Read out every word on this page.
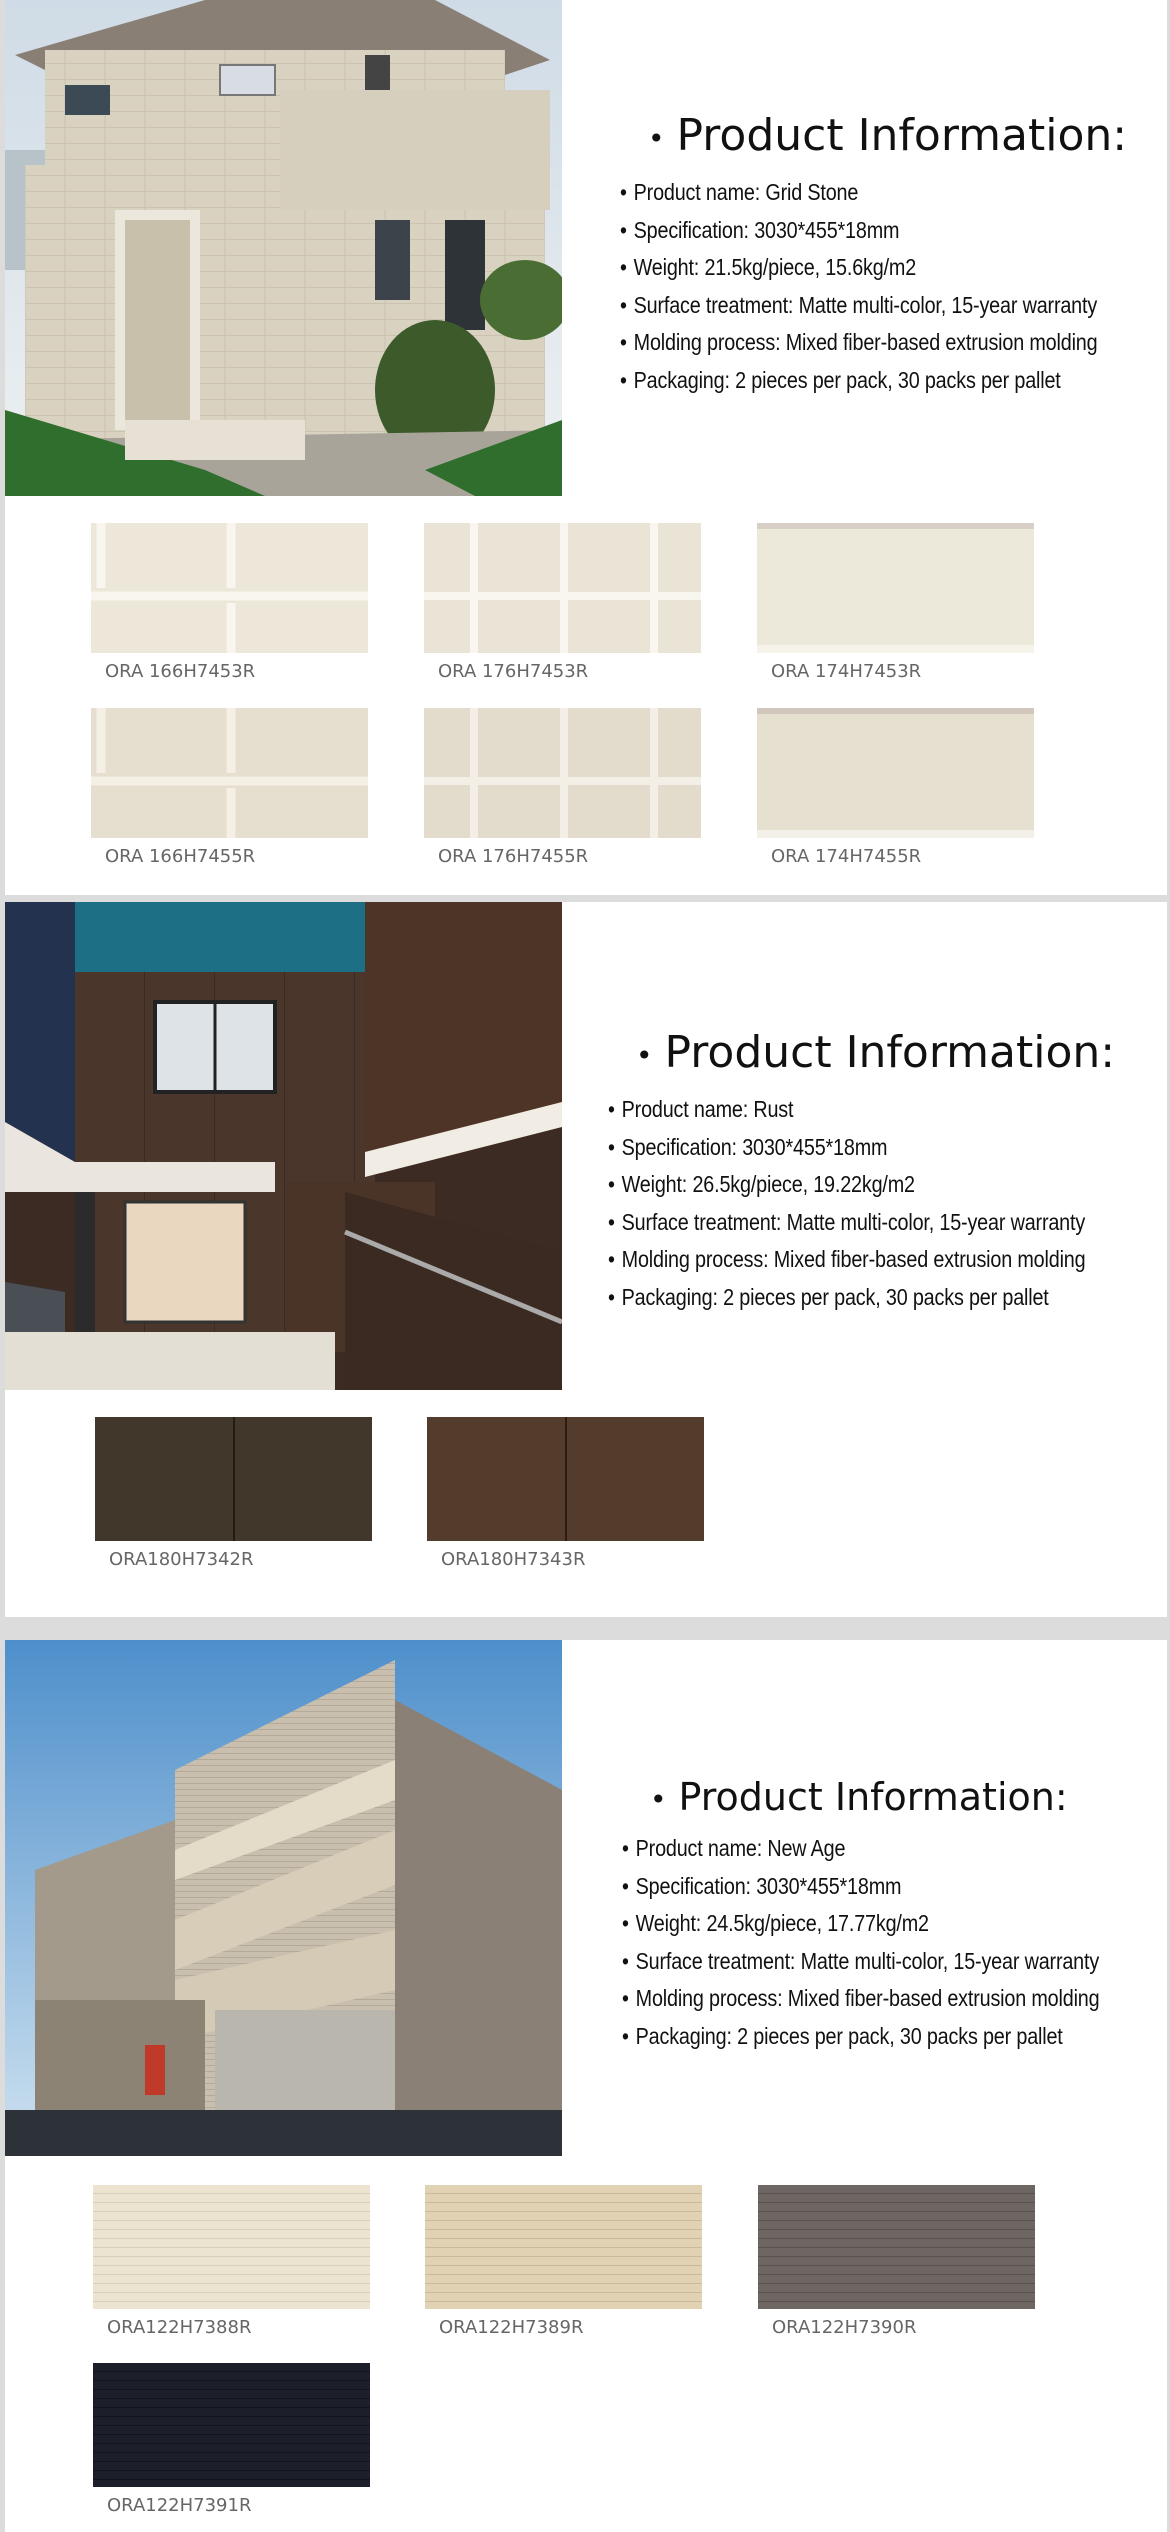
• Product Information:
• Product name: Grid Stone
• Specification: 3030*455*18mm
• Weight: 21.5kg/piece, 15.6kg/m2
• Surface treatment: Matte multi-color, 15-year warranty
• Molding process: Mixed fiber-based extrusion molding
• Packaging: 2 pieces per pack, 30 packs per pallet
ORA 166H7453R	ORA 176H7453R	ORA 174H7453R
ORA 166H7455R	ORA 176H7455R	ORA 174H7455R
• Product Information:
• Product name: Rust
• Specification: 3030*455*18mm
• Weight: 26.5kg/piece, 19.22kg/m2
• Surface treatment: Matte multi-color, 15-year warranty
• Molding process: Mixed fiber-based extrusion molding
• Packaging: 2 pieces per pack, 30 packs per pallet
ORA180H7342R	ORA180H7343R
• Product Information:
• Product name: New Age
• Specification: 3030*455*18mm
• Weight: 24.5kg/piece, 17.77kg/m2
• Surface treatment: Matte multi-color, 15-year warranty
• Molding process: Mixed fiber-based extrusion molding
• Packaging: 2 pieces per pack, 30 packs per pallet
ORA122H7388R	ORA122H7389R	ORA122H7390R
ORA122H7391R
